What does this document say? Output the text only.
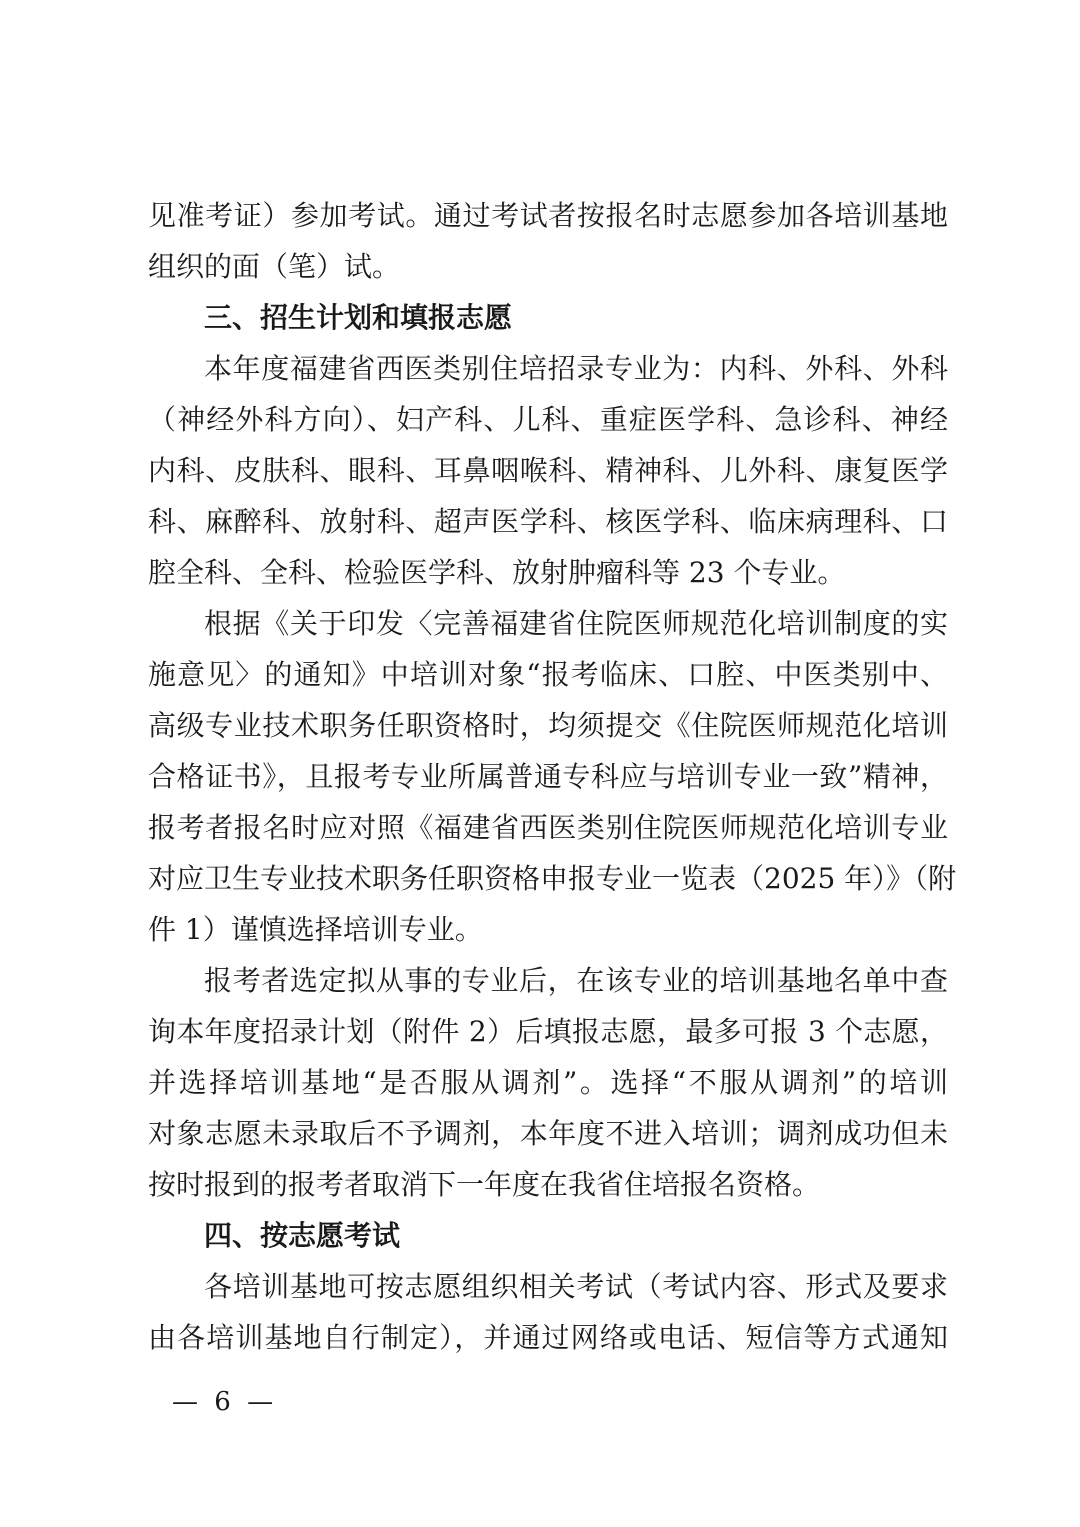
见准考证）参加考试。通过考试者按报名时志愿参加各培训基地
组织的面（笔）试。
三、招生计划和填报志愿
本年度福建省西医类别住培招录专业为：内科、外科、外科
（神经外科方向）、妇产科、儿科、重症医学科、急诊科、神经
内科、皮肤科、眼科、耳鼻咽喉科、精神科、儿外科、康复医学
科、麻醉科、放射科、超声医学科、核医学科、临床病理科、口
腔全科、全科、检验医学科、放射肿瘤科等 23 个专业。
根据《关于印发〈完善福建省住院医师规范化培训制度的实
施意见〉的通知》中培训对象“报考临床、口腔、中医类别中、
高级专业技术职务任职资格时，均须提交《住院医师规范化培训
合格证书》，且报考专业所属普通专科应与培训专业一致”精神，
报考者报名时应对照《福建省西医类别住院医师规范化培训专业
对应卫生专业技术职务任职资格申报专业一览表（2025 年）》（附
件 1）谨慎选择培训专业。
报考者选定拟从事的专业后，在该专业的培训基地名单中查
询本年度招录计划（附件 2）后填报志愿，最多可报 3 个志愿，
并选择培训基地“是否服从调剂”。选择“不服从调剂”的培训
对象志愿未录取后不予调剂，本年度不进入培训；调剂成功但未
按时报到的报考者取消下一年度在我省住培报名资格。
四、按志愿考试
各培训基地可按志愿组织相关考试（考试内容、形式及要求
由各培训基地自行制定），并通过网络或电话、短信等方式通知
— 6 —
